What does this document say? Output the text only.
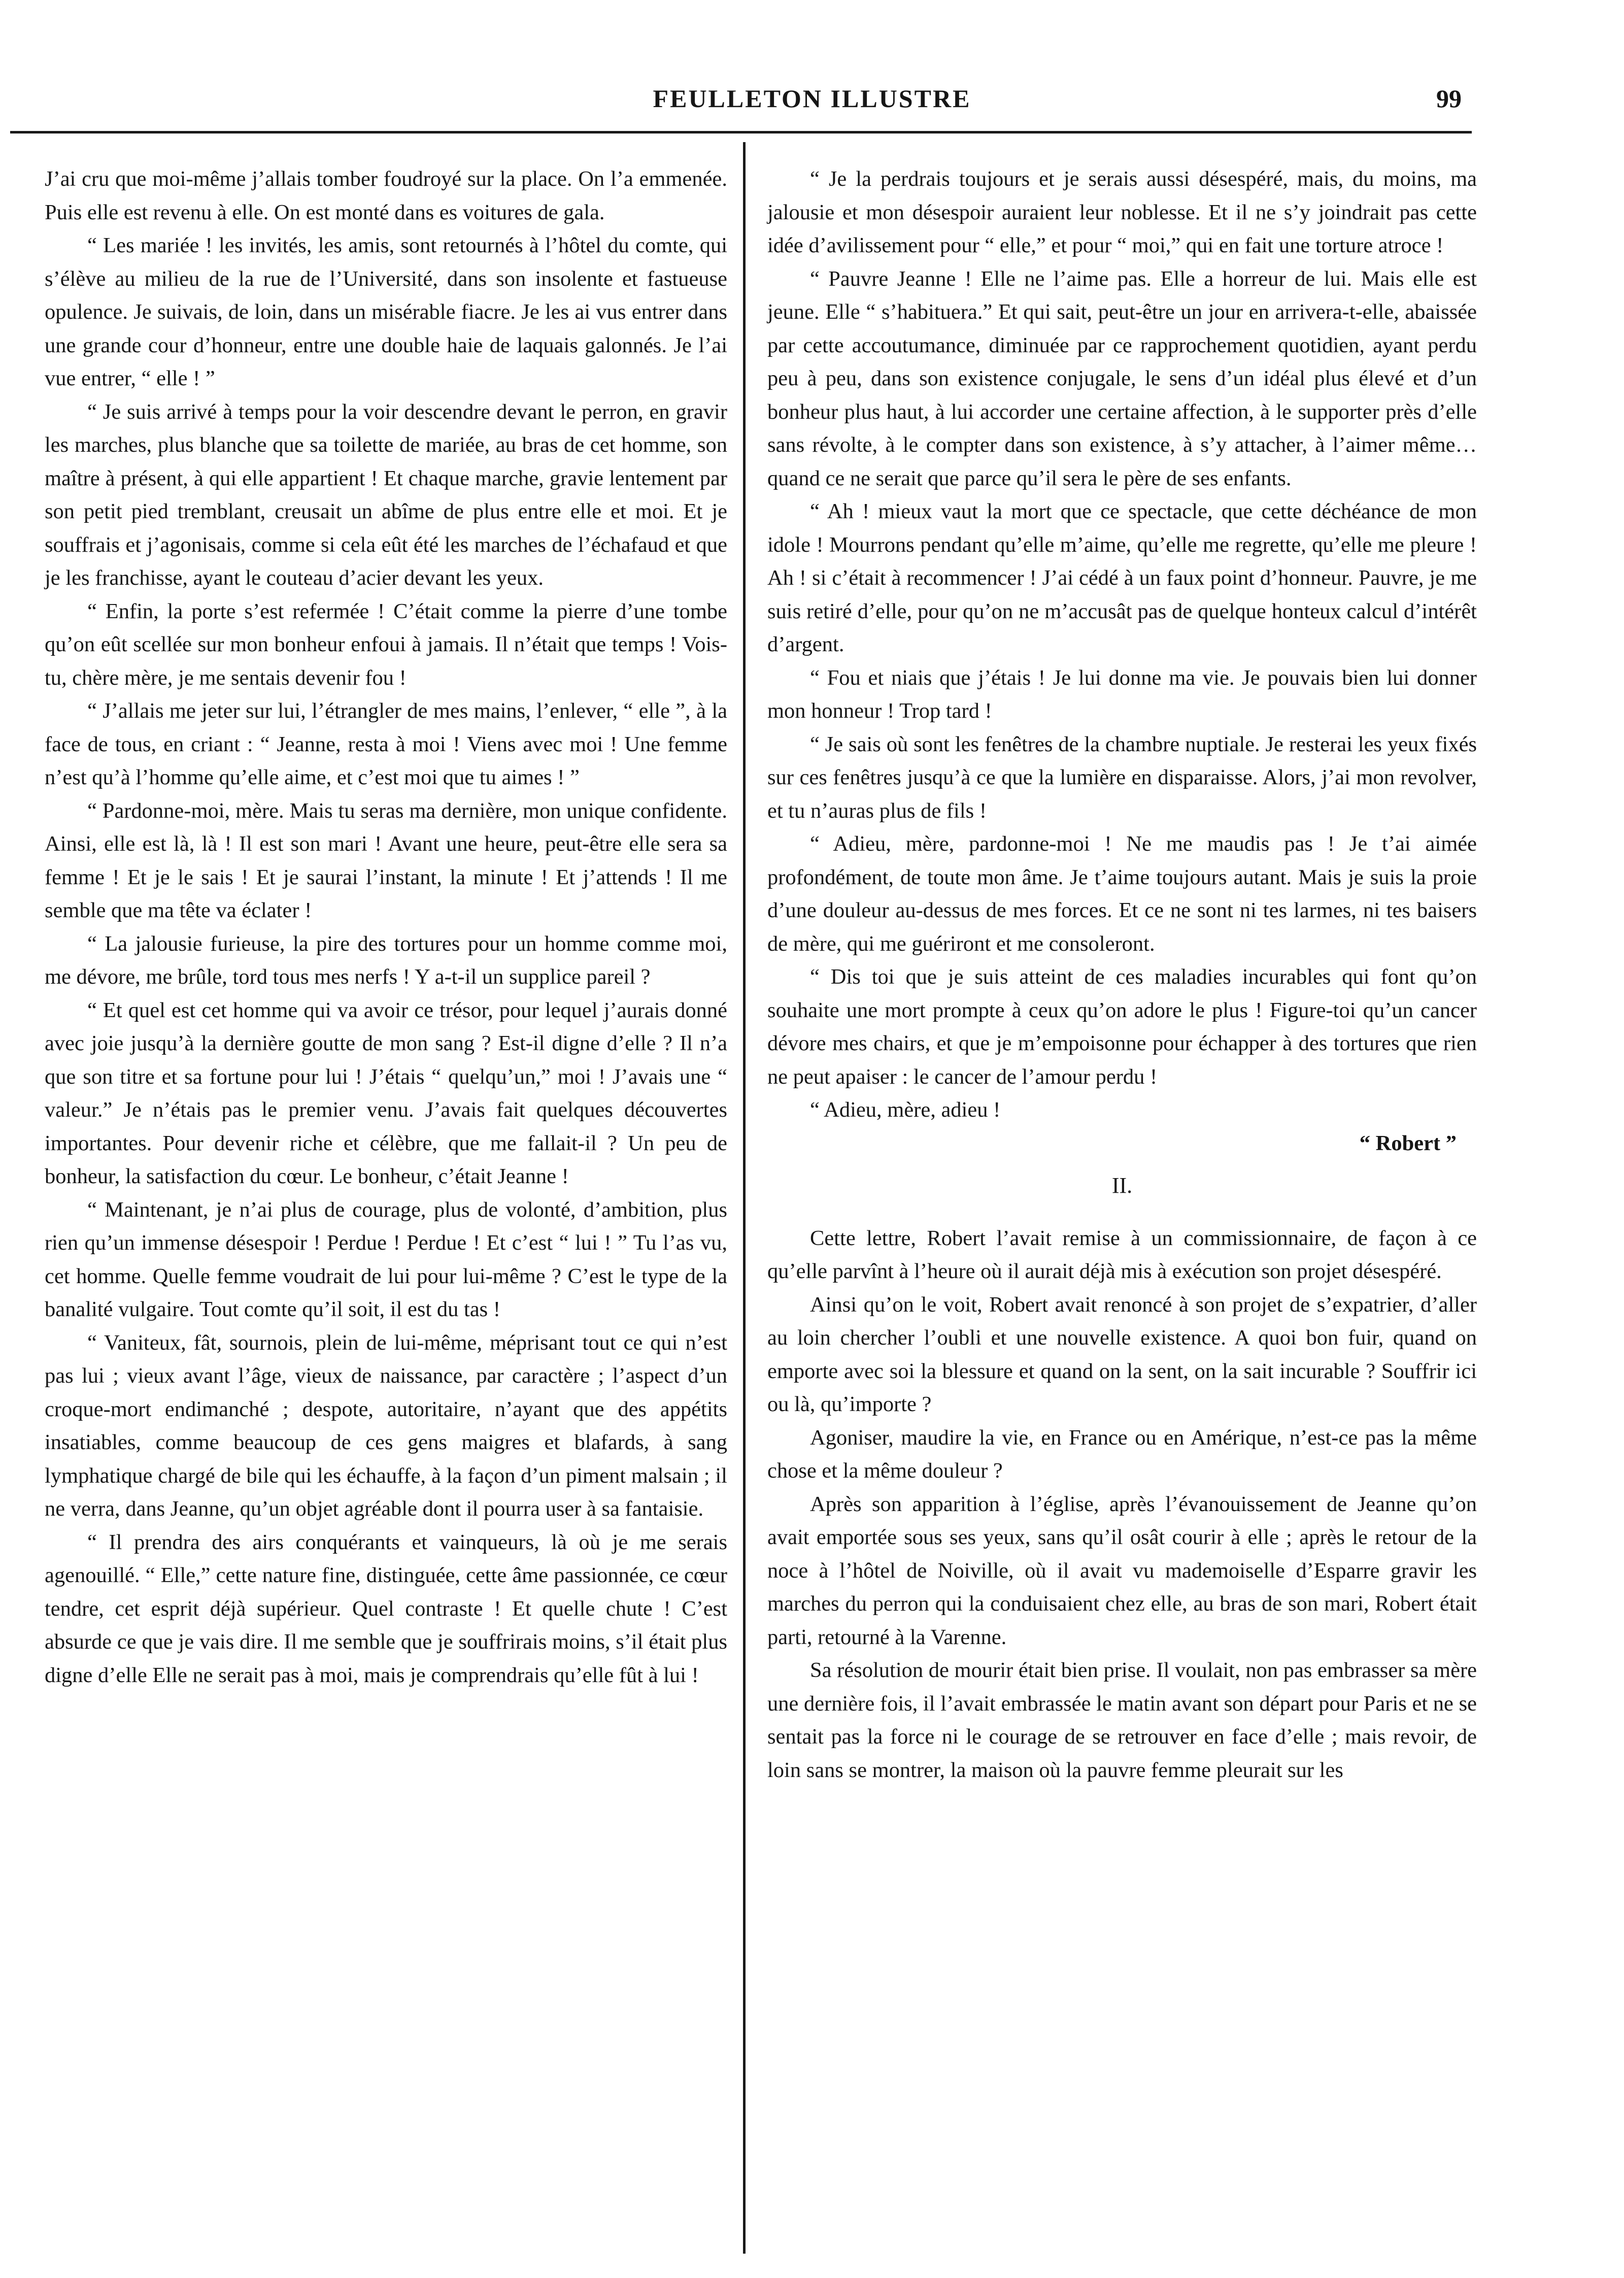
FEULLETON ILLUSTRE	99

J’ai cru que moi-même j’allais tomber foudroyé sur la place. On l’a emmenée. Puis elle est revenu à elle. On est monté dans es voitures de gala.

“ Les mariée ! les invités, les amis, sont retournés à l’hôtel du comte, qui s’élève au milieu de la rue de l’Université, dans son insolente et fastueuse opulence. Je suivais, de loin, dans un misérable fiacre. Je les ai vus entrer dans une grande cour d’honneur, entre une double haie de laquais galonnés. Je l’ai vue entrer, “ elle ! ”

“ Je suis arrivé à temps pour la voir descendre devant le perron, en gravir les marches, plus blanche que sa toilette de mariée, au bras de cet homme, son maître à présent, à qui elle appartient ! Et chaque marche, gravie lentement par son petit pied tremblant, creusait un abîme de plus entre elle et moi. Et je souffrais et j’agonisais, comme si cela eût été les marches de l’échafaud et que je les franchisse, ayant le couteau d’acier devant les yeux.

“ Enfin, la porte s’est refermée ! C’était comme la pierre d’une tombe qu’on eût scellée sur mon bonheur enfoui à jamais. Il n’était que temps ! Vois-tu, chère mère, je me sentais devenir fou !

“ J’allais me jeter sur lui, l’étrangler de mes mains, l’enlever, “ elle ”, à la face de tous, en criant : “ Jeanne, resta à moi ! Viens avec moi ! Une femme n’est qu’à l’homme qu’elle aime, et c’est moi que tu aimes ! ”

“ Pardonne-moi, mère. Mais tu seras ma dernière, mon unique confidente. Ainsi, elle est là, là ! Il est son mari ! Avant une heure, peut-être elle sera sa femme ! Et je le sais ! Et je saurai l’instant, la minute ! Et j’attends ! Il me semble que ma tête va éclater !

“ La jalousie furieuse, la pire des tortures pour un homme comme moi, me dévore, me brûle, tord tous mes nerfs ! Y a-t-il un supplice pareil ?

“ Et quel est cet homme qui va avoir ce trésor, pour lequel j’aurais donné avec joie jusqu’à la dernière goutte de mon sang ? Est-il digne d’elle ? Il n’a que son titre et sa fortune pour lui ! J’étais “ quelqu’un,” moi ! J’avais une “ valeur.” Je n’étais pas le premier venu. J’avais fait quelques découvertes importantes. Pour devenir riche et célèbre, que me fallait-il ? Un peu de bonheur, la satisfaction du cœur. Le bonheur, c’était Jeanne !

“ Maintenant, je n’ai plus de courage, plus de volonté, d’ambition, plus rien qu’un immense désespoir ! Perdue ! Perdue ! Et c’est “ lui ! ” Tu l’as vu, cet homme. Quelle femme voudrait de lui pour lui-même ? C’est le type de la banalité vulgaire. Tout comte qu’il soit, il est du tas !

“ Vaniteux, fât, sournois, plein de lui-même, méprisant tout ce qui n’est pas lui ; vieux avant l’âge, vieux de naissance, par caractère ; l’aspect d’un croque-mort endimanché ; despote, autoritaire, n’ayant que des appétits insatiables, comme beaucoup de ces gens maigres et blafards, à sang lymphatique chargé de bile qui les échauffe, à la façon d’un piment malsain ; il ne verra, dans Jeanne, qu’un objet agréable dont il pourra user à sa fantaisie.

“ Il prendra des airs conquérants et vainqueurs, là où je me serais agenouillé. “ Elle,” cette nature fine, distinguée, cette âme passionnée, ce cœur tendre, cet esprit déjà supérieur. Quel contraste ! Et quelle chute ! C’est absurde ce que je vais dire. Il me semble que je souffrirais moins, s’il était plus digne d’elle Elle ne serait pas à moi, mais je comprendrais qu’elle fût à lui !

“ Je la perdrais toujours et je serais aussi désespéré, mais, du moins, ma jalousie et mon désespoir auraient leur noblesse. Et il ne s’y joindrait pas cette idée d’avilissement pour “ elle,” et pour “ moi,” qui en fait une torture atroce !

“ Pauvre Jeanne ! Elle ne l’aime pas. Elle a horreur de lui. Mais elle est jeune. Elle “ s’habituera.” Et qui sait, peut-être un jour en arrivera-t-elle, abaissée par cette accoutumance, diminuée par ce rapprochement quotidien, ayant perdu peu à peu, dans son existence conjugale, le sens d’un idéal plus élevé et d’un bonheur plus haut, à lui accorder une certaine affection, à le supporter près d’elle sans révolte, à le compter dans son existence, à s’y attacher, à l’aimer même… quand ce ne serait que parce qu’il sera le père de ses enfants.

“ Ah ! mieux vaut la mort que ce spectacle, que cette déchéance de mon idole ! Mourrons pendant qu’elle m’aime, qu’elle me regrette, qu’elle me pleure ! Ah ! si c’était à recommencer ! J’ai cédé à un faux point d’honneur. Pauvre, je me suis retiré d’elle, pour qu’on ne m’accusât pas de quelque honteux calcul d’intérêt d’argent.

“ Fou et niais que j’étais ! Je lui donne ma vie. Je pouvais bien lui donner mon honneur ! Trop tard !

“ Je sais où sont les fenêtres de la chambre nuptiale. Je resterai les yeux fixés sur ces fenêtres jusqu’à ce que la lumière en disparaisse. Alors, j’ai mon revolver, et tu n’auras plus de fils !

“ Adieu, mère, pardonne-moi ! Ne me maudis pas ! Je t’ai aimée profondément, de toute mon âme. Je t’aime toujours autant. Mais je suis la proie d’une douleur au-dessus de mes forces. Et ce ne sont ni tes larmes, ni tes baisers de mère, qui me guériront et me consoleront.

“ Dis toi que je suis atteint de ces maladies incurables qui font qu’on souhaite une mort prompte à ceux qu’on adore le plus ! Figure-toi qu’un cancer dévore mes chairs, et que je m’empoisonne pour échapper à des tortures que rien ne peut apaiser : le cancer de l’amour perdu !

“ Adieu, mère, adieu !

“ Robert ”

II.

Cette lettre, Robert l’avait remise à un commissionnaire, de façon à ce qu’elle parvînt à l’heure où il aurait déjà mis à exécution son projet désespéré.

Ainsi qu’on le voit, Robert avait renoncé à son projet de s’expatrier, d’aller au loin chercher l’oubli et une nouvelle existence. A quoi bon fuir, quand on emporte avec soi la blessure et quand on la sent, on la sait incurable ? Souffrir ici ou là, qu’importe ?

Agoniser, maudire la vie, en France ou en Amérique, n’est-ce pas la même chose et la même douleur ?

Après son apparition à l’église, après l’évanouissement de Jeanne qu’on avait emportée sous ses yeux, sans qu’il osât courir à elle ; après le retour de la noce à l’hôtel de Noiville, où il avait vu mademoiselle d’Esparre gravir les marches du perron qui la conduisaient chez elle, au bras de son mari, Robert était parti, retourné à la Varenne.

Sa résolution de mourir était bien prise. Il voulait, non pas embrasser sa mère une dernière fois, il l’avait embrassée le matin avant son départ pour Paris et ne se sentait pas la force ni le courage de se retrouver en face d’elle ; mais revoir, de loin sans se montrer, la maison où la pauvre femme pleurait sur les
